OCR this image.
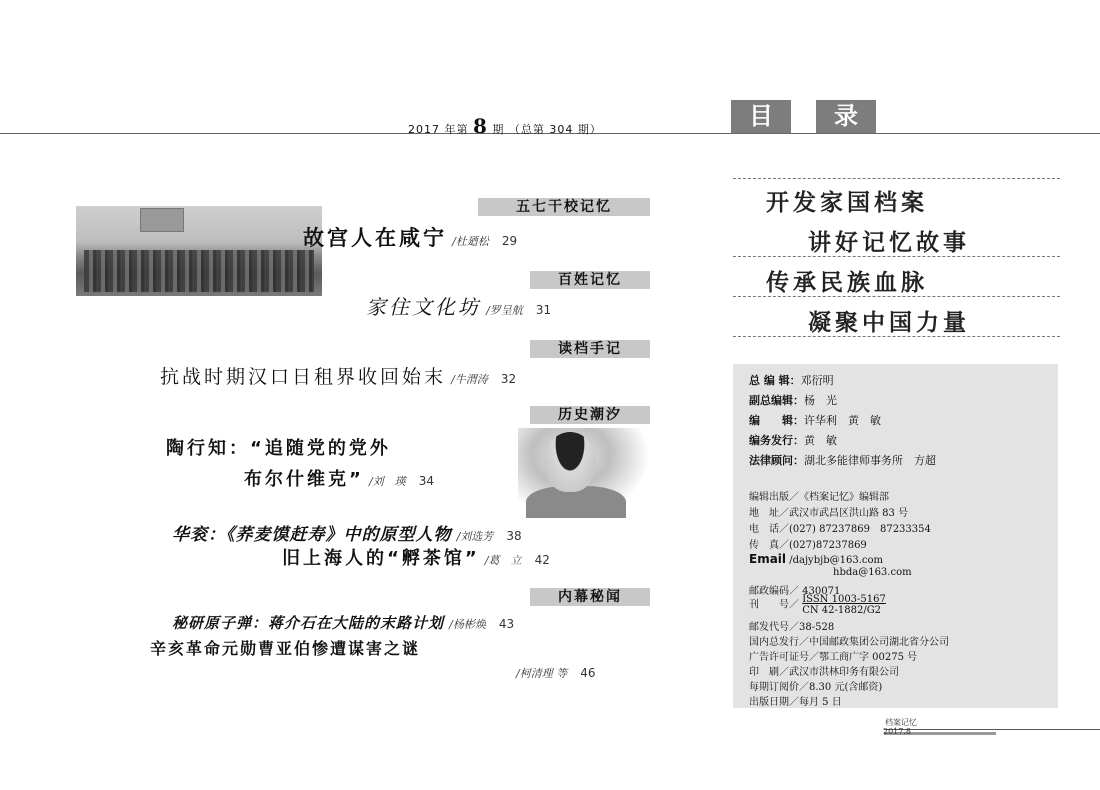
2017 年第 8 期 （总第 304 期）	目	录
五七干校记忆
故宫人在咸宁 /杜廼松 29
百姓记忆
家住文化坊 /罗呈航 31
读档手记
抗战时期汉口日租界收回始末 /牛渭涛 32
历史潮汐
陶行知：“追随党的党外
布尔什维克” /刘　瑛 34
华衮：《荞麦馍赶寿》中的原型人物 /刘选芳 38
旧上海人的“孵茶馆” /葛　立 42
内幕秘闻
秘研原子弹：蒋介石在大陆的末路计划 /杨彬焕 43
辛亥革命元勋曹亚伯惨遭谋害之谜
/柯清理 等 46
开发家国档案
讲好记忆故事
传承民族血脉
凝聚中国力量
总 编 辑：邓衍明
副总编辑：杨　光
编　　辑：许华利　黄　敏
编务发行：黄　敏
法律顾问：湖北多能律师事务所　方超
编辑出版／《档案记忆》编辑部
地　址／武汉市武昌区洪山路 83 号
电　话／(027) 87237869　87233354
传　真／(027)87237869
Email /dajybjb@163.com
hbda@163.com
邮政编码／ 430071
刊　　号／ ISSN 1003-5167
CN 42-1882/G2
邮发代号／38-528
国内总发行／中国邮政集团公司湖北省分公司
广告许可证号／鄂工商广字 00275 号
印　刷／武汉市洪林印务有限公司
每期订阅价／8.30 元(含邮资)
出版日期／每月 5 日
档案记忆
2017.8
